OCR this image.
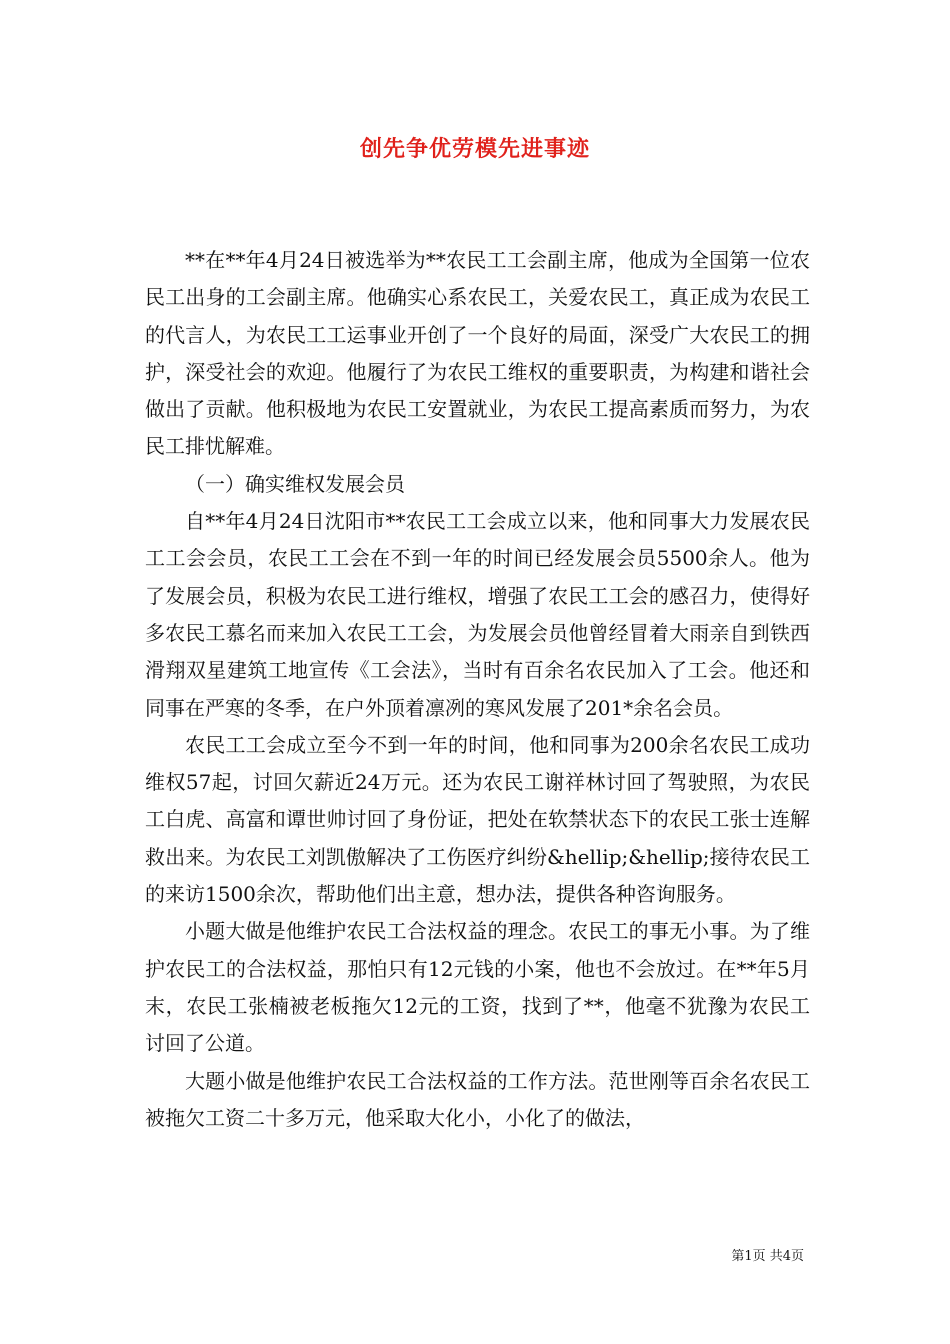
创先争优劳模先进事迹

**在**年4月24日被选举为**农民工工会副主席，他成为全国第一位农民工出身的工会副主席。他确实心系农民工，关爱农民工，真正成为农民工的代言人，为农民工工运事业开创了一个良好的局面，深受广大农民工的拥护，深受社会的欢迎。他履行了为农民工维权的重要职责，为构建和谐社会做出了贡献。他积极地为农民工安置就业，为农民工提高素质而努力，为农民工排忧解难。

（一）确实维权发展会员

自**年4月24日沈阳市**农民工工会成立以来，他和同事大力发展农民工工会会员，农民工工会在不到一年的时间已经发展会员5500余人。他为了发展会员，积极为农民工进行维权，增强了农民工工会的感召力，使得好多农民工慕名而来加入农民工工会，为发展会员他曾经冒着大雨亲自到铁西滑翔双星建筑工地宣传《工会法》，当时有百余名农民加入了工会。他还和同事在严寒的冬季，在户外顶着凛冽的寒风发展了201*余名会员。

农民工工会成立至今不到一年的时间，他和同事为200余名农民工成功维权57起，讨回欠薪近24万元。还为农民工谢祥林讨回了驾驶照，为农民工白虎、高富和谭世帅讨回了身份证，把处在软禁状态下的农民工张士连解救出来。为农民工刘凯傲解决了工伤医疗纠纷&hellip;&hellip;接待农民工的来访1500余次，帮助他们出主意，想办法，提供各种咨询服务。

小题大做是他维护农民工合法权益的理念。农民工的事无小事。为了维护农民工的合法权益，那怕只有12元钱的小案，他也不会放过。在**年5月末，农民工张楠被老板拖欠12元的工资，找到了**，他毫不犹豫为农民工讨回了公道。

大题小做是他维护农民工合法权益的工作方法。范世刚等百余名农民工被拖欠工资二十多万元，他采取大化小，小化了的做法，

第1页 共4页
